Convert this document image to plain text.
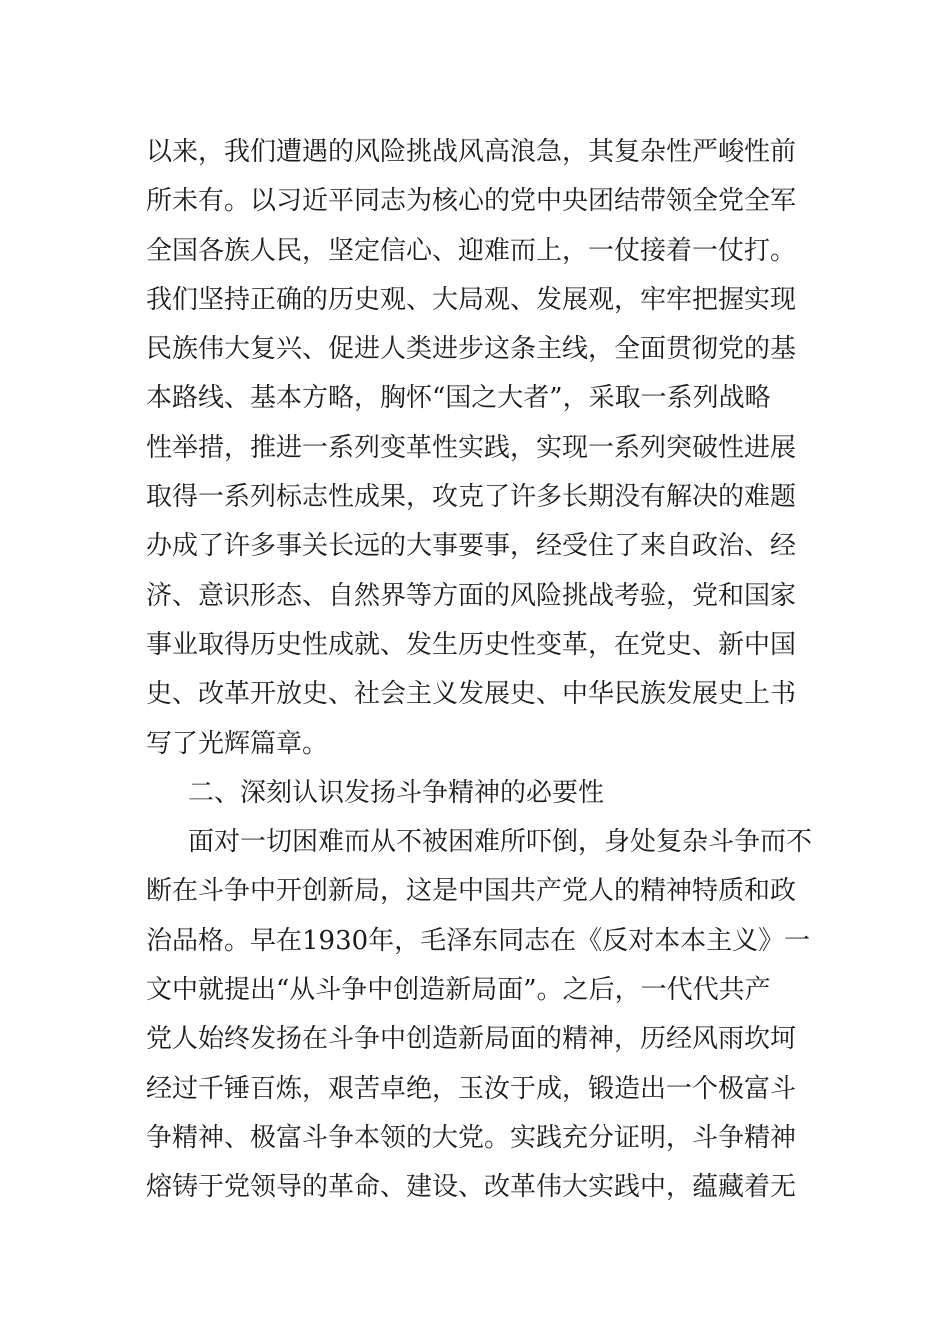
以来，我们遭遇的风险挑战风高浪急，其复杂性严峻性前
所未有。以习近平同志为核心的党中央团结带领全党全军
全国各族人民，坚定信心、迎难而上，一仗接着一仗打。
我们坚持正确的历史观、大局观、发展观，牢牢把握实现
民族伟大复兴、促进人类进步这条主线，全面贯彻党的基
本路线、基本方略，胸怀“国之大者”，采取一系列战略
性举措，推进一系列变革性实践，实现一系列突破性进展
取得一系列标志性成果，攻克了许多长期没有解决的难题
办成了许多事关长远的大事要事，经受住了来自政治、经
济、意识形态、自然界等方面的风险挑战考验，党和国家
事业取得历史性成就、发生历史性变革，在党史、新中国
史、改革开放史、社会主义发展史、中华民族发展史上书
写了光辉篇章。
二、深刻认识发扬斗争精神的必要性
面对一切困难而从不被困难所吓倒，身处复杂斗争而不
断在斗争中开创新局，这是中国共产党人的精神特质和政
治品格。早在1930年，毛泽东同志在《反对本本主义》一
文中就提出“从斗争中创造新局面”。之后，一代代共产
党人始终发扬在斗争中创造新局面的精神，历经风雨坎坷
经过千锤百炼，艰苦卓绝，玉汝于成，锻造出一个极富斗
争精神、极富斗争本领的大党。实践充分证明，斗争精神
熔铸于党领导的革命、建设、改革伟大实践中，蕴藏着无
